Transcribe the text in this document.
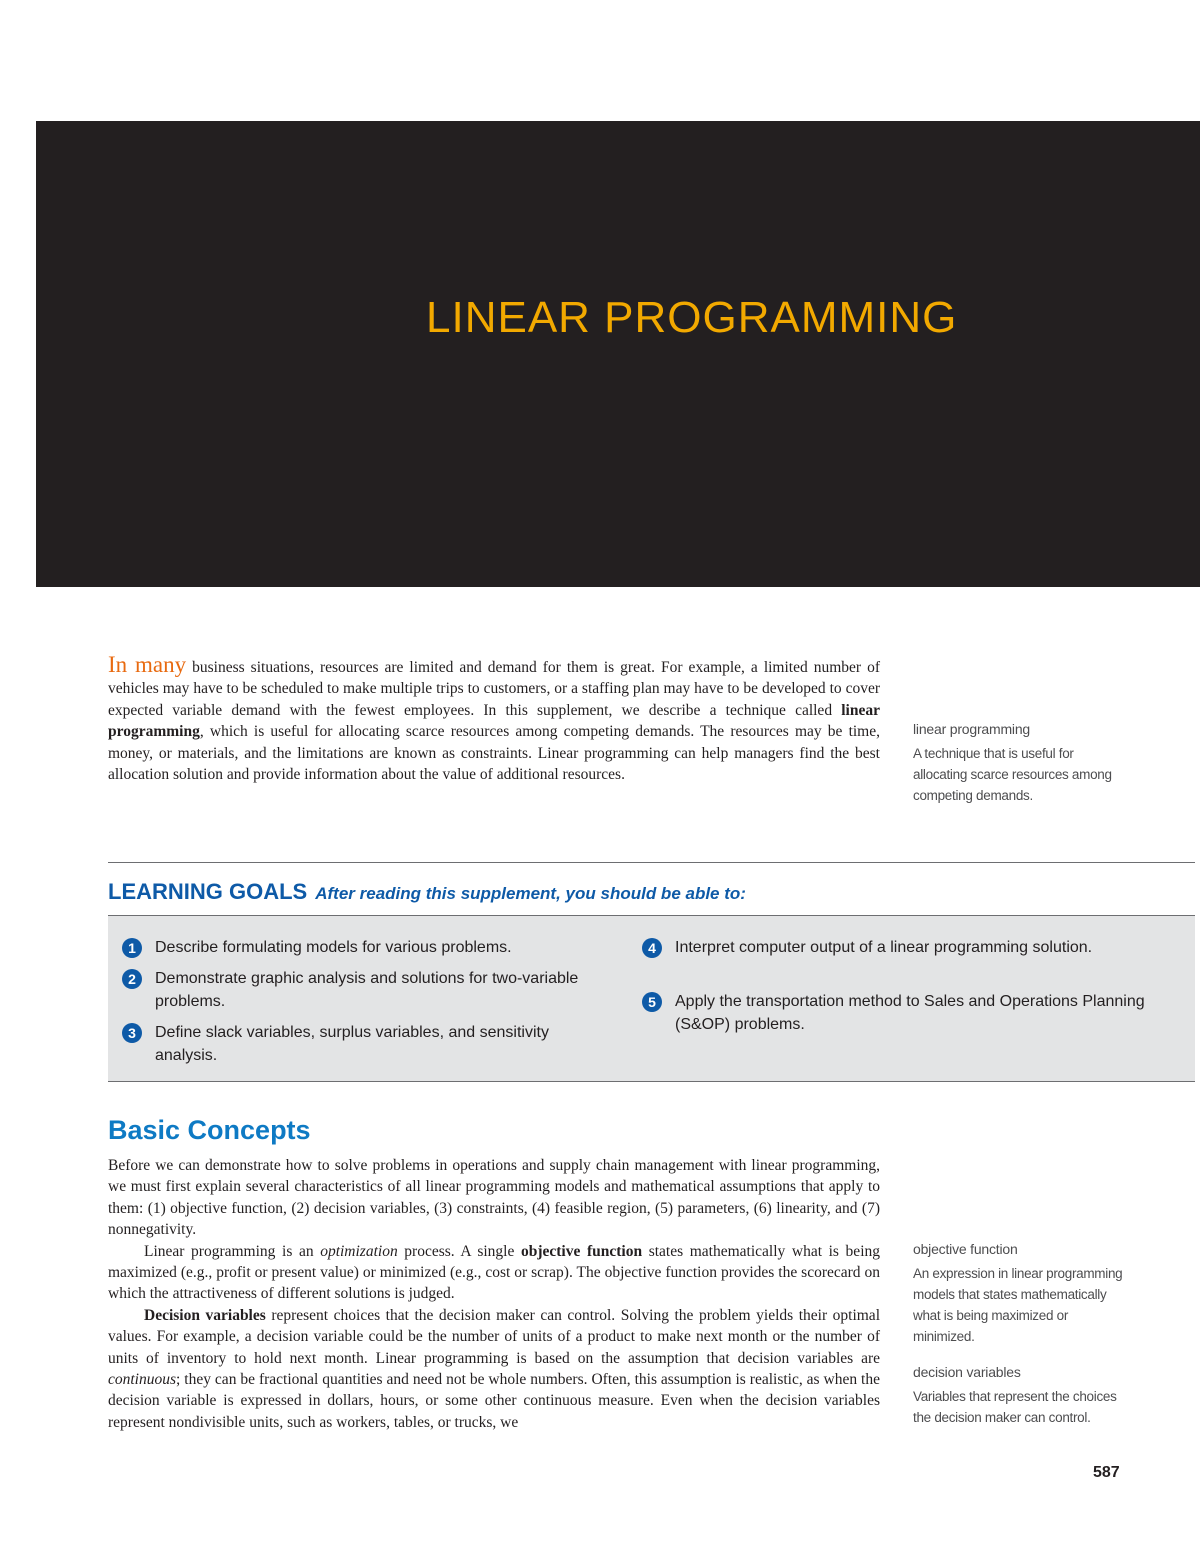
LINEAR PROGRAMMING

In many business situations, resources are limited and demand for them is great. For example, a limited number of vehicles may have to be scheduled to make multiple trips to customers, or a staffing plan may have to be developed to cover expected variable demand with the fewest employees. In this supplement, we describe a technique called linear programming, which is useful for allocating scarce resources among competing demands. The resources may be time, money, or materials, and the limitations are known as constraints. Linear programming can help managers find the best allocation solution and provide information about the value of additional resources.

linear programming

A technique that is useful for allocating scarce resources among competing demands.

LEARNING GOALS After reading this supplement, you should be able to:
1	Describe formulating models for various problems.
2	Demonstrate graphic analysis and solutions for two-variable problems.
3	Define slack variables, surplus variables, and sensitivity analysis.
4	Interpret computer output of a linear programming solution.
5	Apply the transportation method to Sales and Operations Planning (S&OP) problems.
Basic Concepts

Before we can demonstrate how to solve problems in operations and supply chain management with linear programming, we must first explain several characteristics of all linear programming models and mathematical assumptions that apply to them: (1) objective function, (2) decision variables, (3) constraints, (4) feasible region, (5) parameters, (6) linearity, and (7) nonnegativity.

Linear programming is an optimization process. A single objective function states mathematically what is being maximized (e.g., profit or present value) or minimized (e.g., cost or scrap). The objective function provides the scorecard on which the attractiveness of different solutions is judged.

Decision variables represent choices that the decision maker can control. Solving the problem yields their optimal values. For example, a decision variable could be the number of units of a product to make next month or the number of units of inventory to hold next month. Linear programming is based on the assumption that decision variables are continuous; they can be fractional quantities and need not be whole numbers. Often, this assumption is realistic, as when the decision variable is expressed in dollars, hours, or some other continuous measure. Even when the decision variables represent nondivisible units, such as workers, tables, or trucks, we

objective function

An expression in linear programming models that states mathematically what is being maximized or minimized.

decision variables

Variables that represent the choices the decision maker can control.

587
